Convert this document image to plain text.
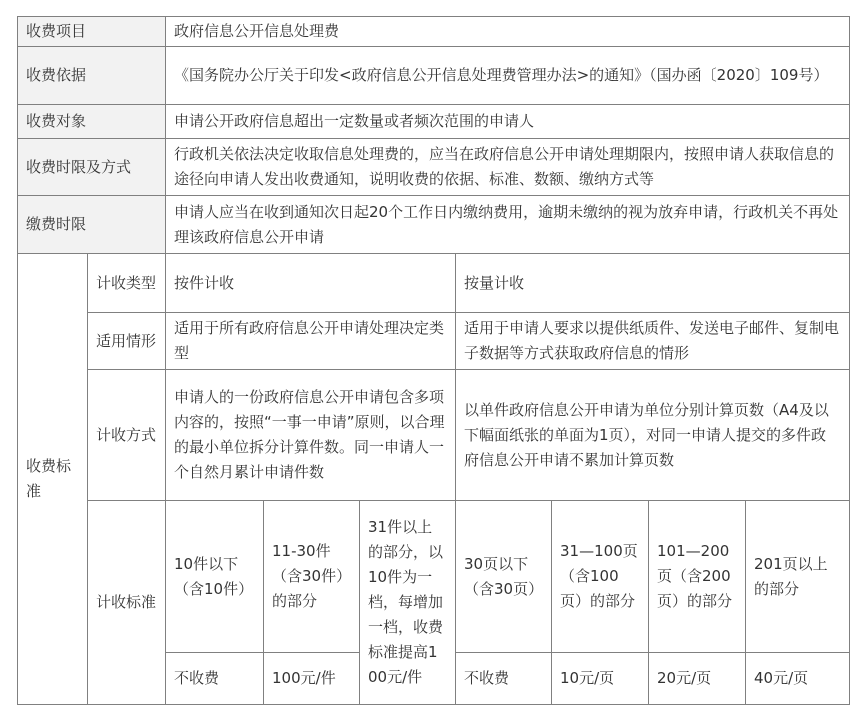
收费项目		政府信息公开信息处理费						
收费依据		《国务院办公厅关于印发<政府信息公开信息处理费管理办法>的通知》（国办函〔2020〕109号）						
收费对象		申请公开政府信息超出一定数量或者频次范围的申请人						
收费时限及方式		行政机关依法决定收取信息处理费的，应当在政府信息公开申请处理期限内，按照申请人获取信息的途径向申请人发出收费通知，说明收费的依据、标准、数额、缴纳方式等						
缴费时限		申请人应当在收到通知次日起20个工作日内缴纳费用，逾期未缴纳的视为放弃申请，行政机关不再处理该政府信息公开申请						
收费标准	计收类型	按件计收			按量计收			
	适用情形	适用于所有政府信息公开申请处理决定类型			适用于申请人要求以提供纸质件、发送电子邮件、复制电子数据等方式获取政府信息的情形			
	计收方式	申请人的一份政府信息公开申请包含多项内容的，按照“一事一申请”原则，以合理的最小单位拆分计算件数。同一申请人一个自然月累计申请件数			以单件政府信息公开申请为单位分别计算页数（A4及以下幅面纸张的单面为1页），对同一申请人提交的多件政府信息公开申请不累加计算页数			
	计收标准	10件以下（含10件）	11-30件（含30件）的部分	31件以上的部分，以10件为一档，每增加一档，收费标准提高100元/件	30页以下（含30页）	31—100页（含100页）的部分	101—200页（含200页）的部分	201页以上的部分
		不收费	100元/件		不收费	10元/页	20元/页	40元/页
